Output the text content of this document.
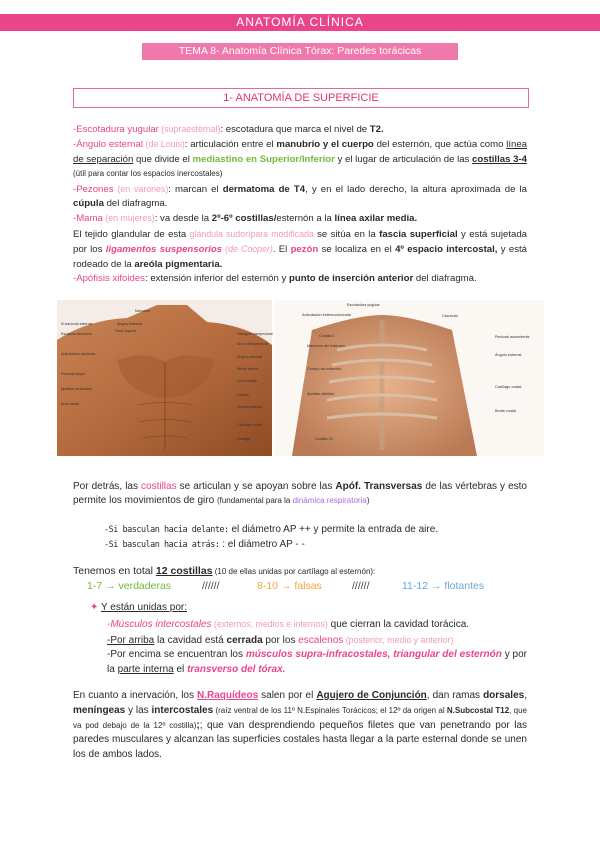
ANATOMÍA CLÍNICA
TEMA 8- Anatomía Clínica Tórax: Paredes torácicas
1- ANATOMÍA DE SUPERFICIE

-Escotadura yugular (supraesternal): escotadura que marca el nivel de T2.

-Ángulo esternal (de Louis): articulación entre el manubrio y el cuerpo del esternón, que actúa como línea de separación que divide el mediastino en Superior/Inferior y el lugar de articulación de las costillas 3-4 (útil para contar los espacios inercostales)

-Pezones (en varones): marcan el dermatoma de T4, y en el lado derecho, la altura aproximada de la cúpula del diafragma.

-Mama (en mujeres): va desde la 2º-6º costillas/esternón a la línea axilar media.

El tejido glandular de esta glándula sudorípara modificada se sitúa en la fascia superficial y está sujetada por los ligamentos suspensorios (de Cooper). El pezón se localiza en el 4º espacio intercostal, y está rodeado de la areóla pigmentaria.

-Apófisis xifoides: extensión inferior del esternón y punto de inserción anterior del diafragma.

Manubrio
N.clavícula esternal	Ángulo esternal
Fosa Yugular
Escápula Acromion
Articulación clavicular
Pectoral mayor
Apófisis coracoides
Arco costal
Triángulo clavipectoral
Surco deltopectoral
Ángulo esternal
Borde inferior
Línea media
Costilla
Serrato anterior
Cartílago costal
Ombligo
Escotadura yugular
Articulación esternoclavicular	Clavícula
Costilla 1
Manubrio del esternón
Cuerpo del esternón
Apófisis xifoides
Costilla 10
Pectoral ascendente
Ángulo esternal
Cartílago costal
Borde costal

Por detrás, las costillas se articulan y se apoyan sobre las Apóf. Transversas de las vértebras y esto permite los movimientos de giro (fundamental para la dinámica respiratoria)

-Si basculan hacia delante: el diámetro AP ++ y permite la entrada de aire.
-Si basculan hacia atrás: : el diámetro AP - -
Tenemos en total 12 costillas (10 de ellas unidas por cartílago al esternón):
1-7 → verdaderas	//////	8-10 → falsas	//////	11-12 → flotantes
✦ Y están unidas por:
-Músculos intercostales (externos, medios e internos) que cierran la cavidad torácica.
-Por arriba la cavidad está cerrada por los escalenos (posterior, medio y anterior)
-Por encima se encuentran los músculos supra-infracostales, triangular del esternón y por la parte interna el transverso del tórax.

En cuanto a inervación, los N.Raquídeos salen por el Agujero de Conjunción, dan ramas dorsales, meníngeas y las intercostales (raíz ventral de los 11º N.Espinales Torácicos; el 12º da origen al N.Subcostal T12, que va pod debajo de la 12º costilla);; que van desprendiendo pequeños filetes que van penetrando por las paredes musculares y alcanzan las superficies costales hasta llegar a la parte esternal donde se unen los de ambos lados.
